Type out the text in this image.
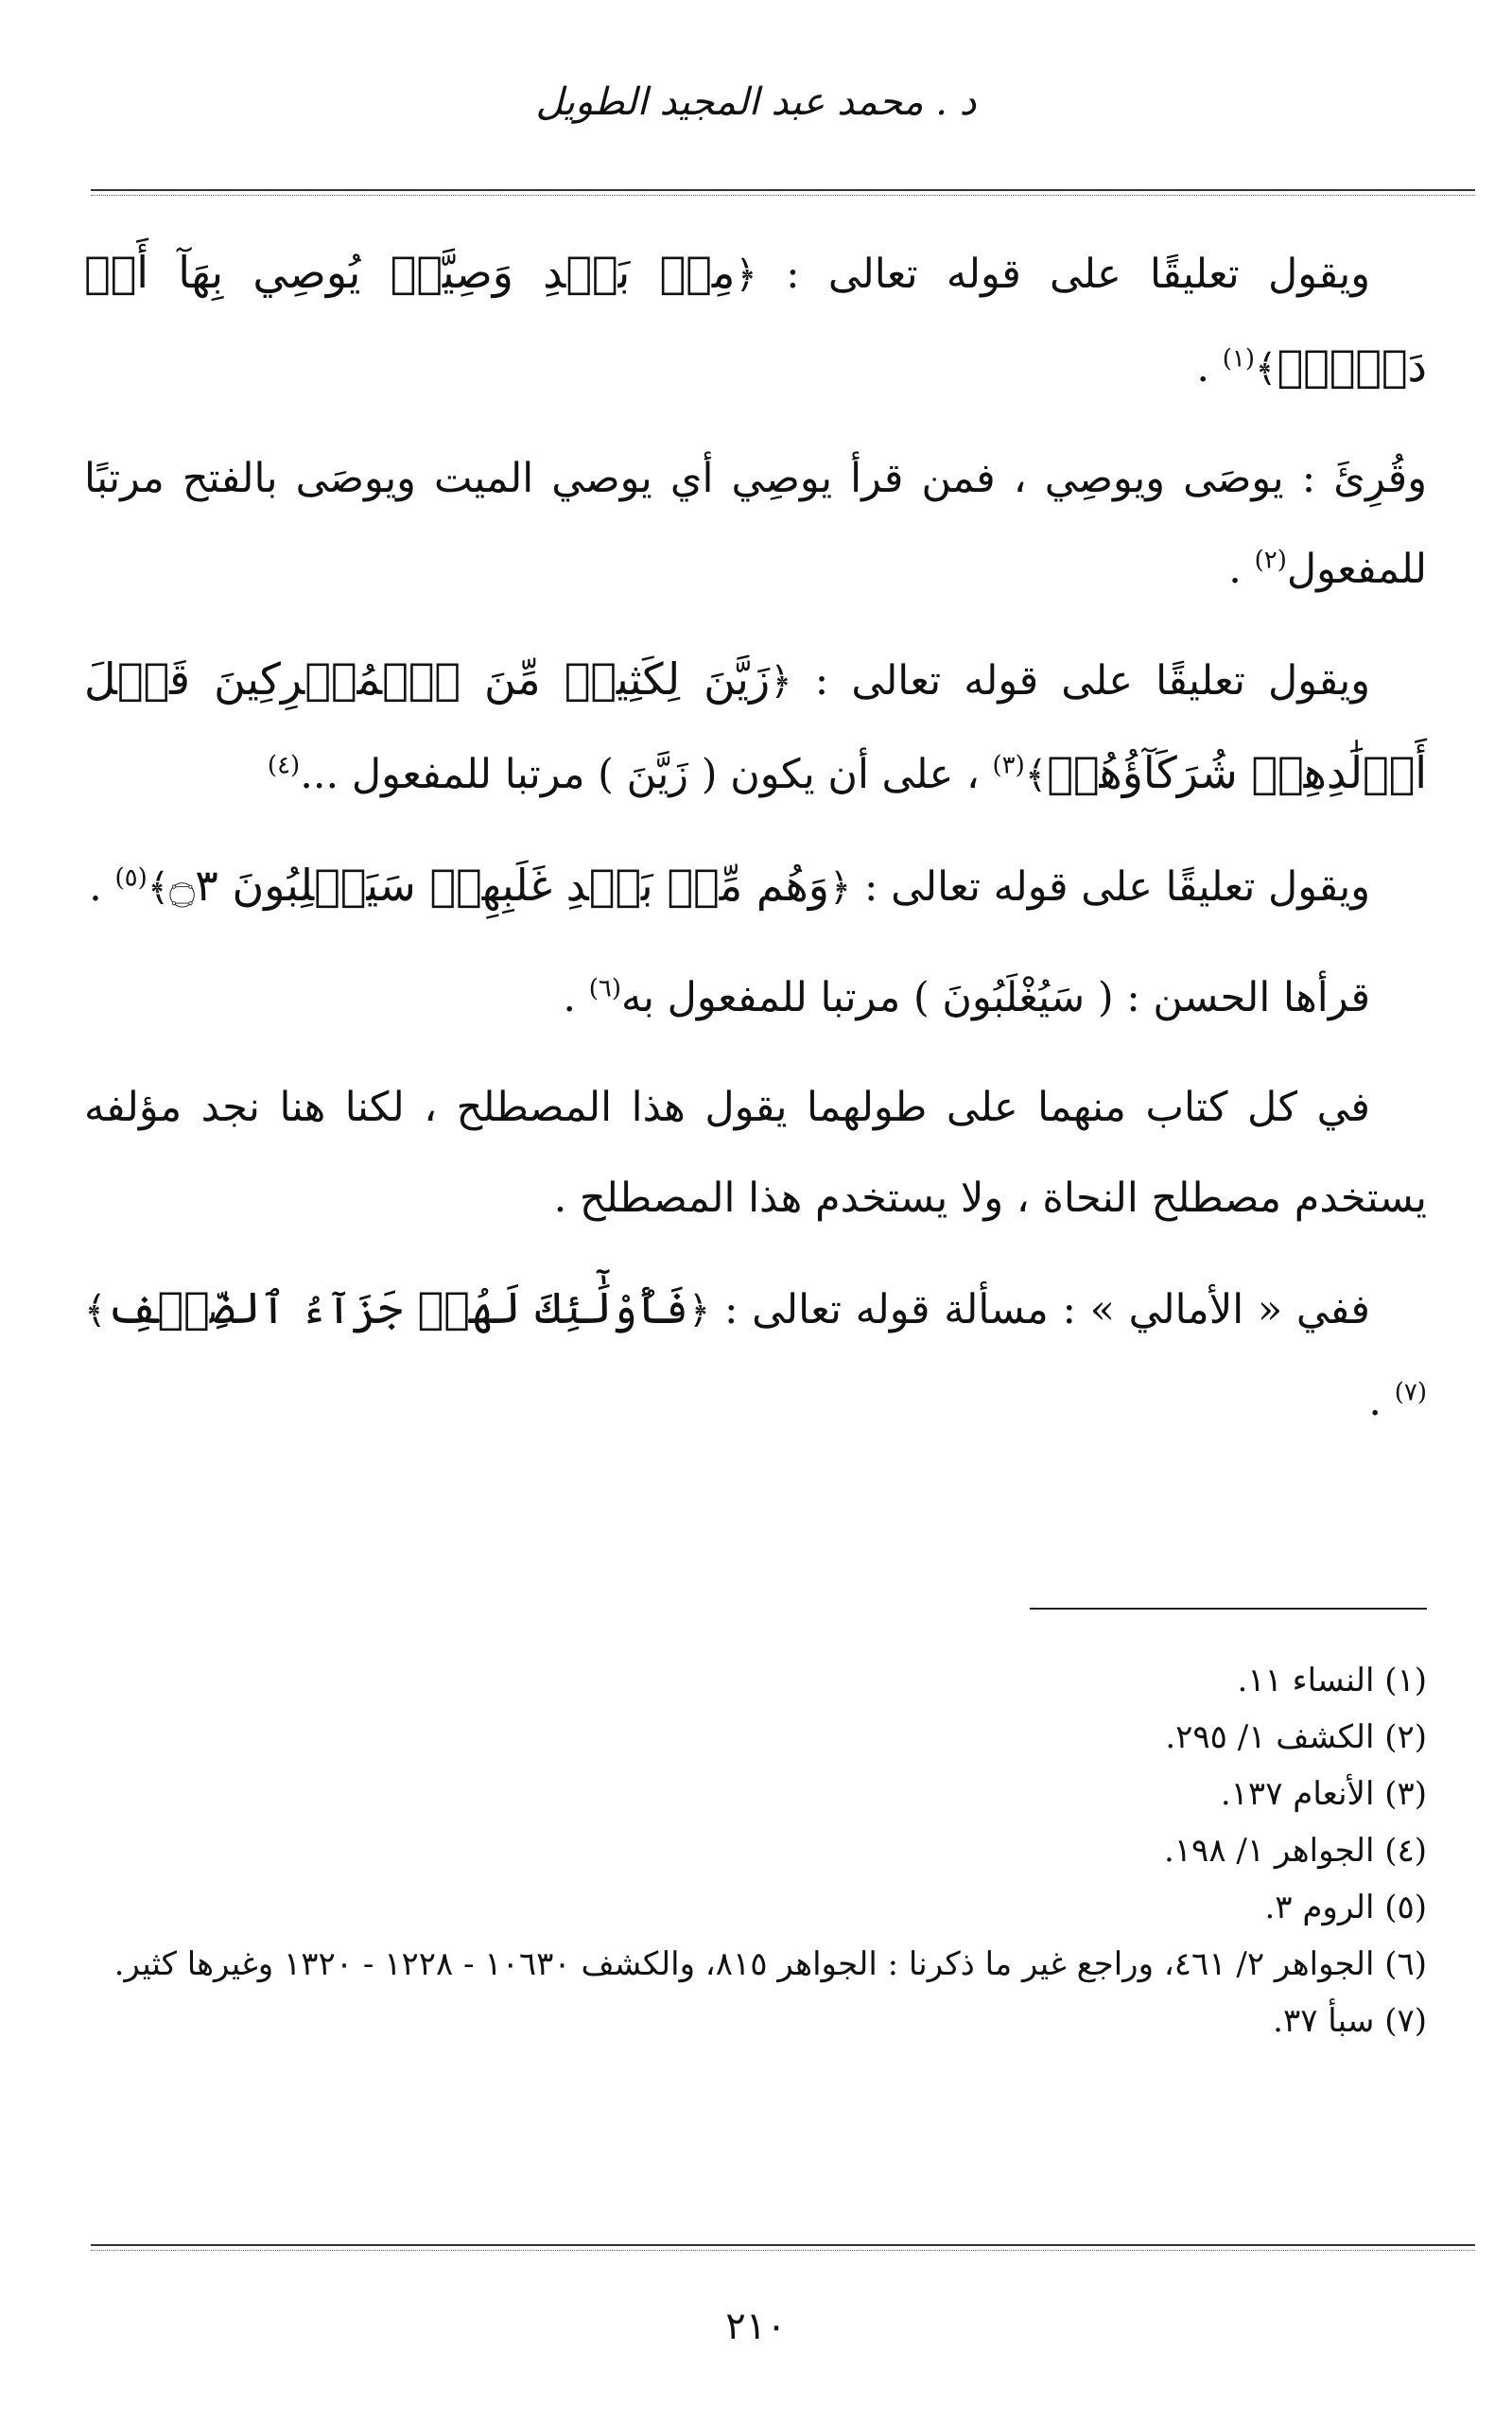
د . محمد عبد المجيد الطويل

ويقول تعليقًا على قوله تعالى : ﴿مِنۢ بَعۡدِ وَصِيَّةٖ يُوصِي بِهَآ أَوۡ دَيۡنٍۗ﴾$^{(١)}$ .

وقُرِئَ : يوصَى ويوصِي ، فمن قرأ يوصِي أي يوصي الميت ويوصَى بالفتح مرتبًا للمفعول$^{(٢)}$ .

ويقول تعليقًا على قوله تعالى : ﴿زَيَّنَ لِكَثِيرٖ مِّنَ ٱلۡمُشۡرِكِينَ قَتۡلَ أَوۡلَٰدِهِمۡ شُرَكَآؤُهُمۡ﴾$^{(٣)}$ ، على أن يكون ( زَيَّنَ ) مرتبا للمفعول ...$^{(٤)}$

ويقول تعليقًا على قوله تعالى : ﴿وَهُم مِّنۢ بَعۡدِ غَلَبِهِمۡ سَيَغۡلِبُونَ ۝٣﴾$^{(٥)}$ .

قرأها الحسن : ( سَيُغْلَبُونَ ) مرتبا للمفعول به$^{(٦)}$ .

في كل كتاب منهما على طولهما يقول هذا المصطلح ، لكنا هنا نجد مؤلفه يستخدم مصطلح النحاة ، ولا يستخدم هذا المصطلح .

ففي « الأمالي » : مسألة قوله تعالى : ﴿فَأُوْلَٰٓئِكَ لَهُمۡ جَزَآءُ ٱلضِّعۡفِ﴾$^{(٧)}$ .

(١) النساء ١١.

(٢) الكشف ١/ ٢٩٥.

(٣) الأنعام ١٣٧.

(٤) الجواهر ١/ ١٩٨.

(٥) الروم ٣.

(٦) الجواهر ٢/ ٤٦١، وراجع غير ما ذكرنا : الجواهر ٨١٥، والكشف ١٠٦٣٠ - ١٢٢٨ - ١٣٢٠ وغيرها كثير.

(٧) سبأ ٣٧.

٢١٠
